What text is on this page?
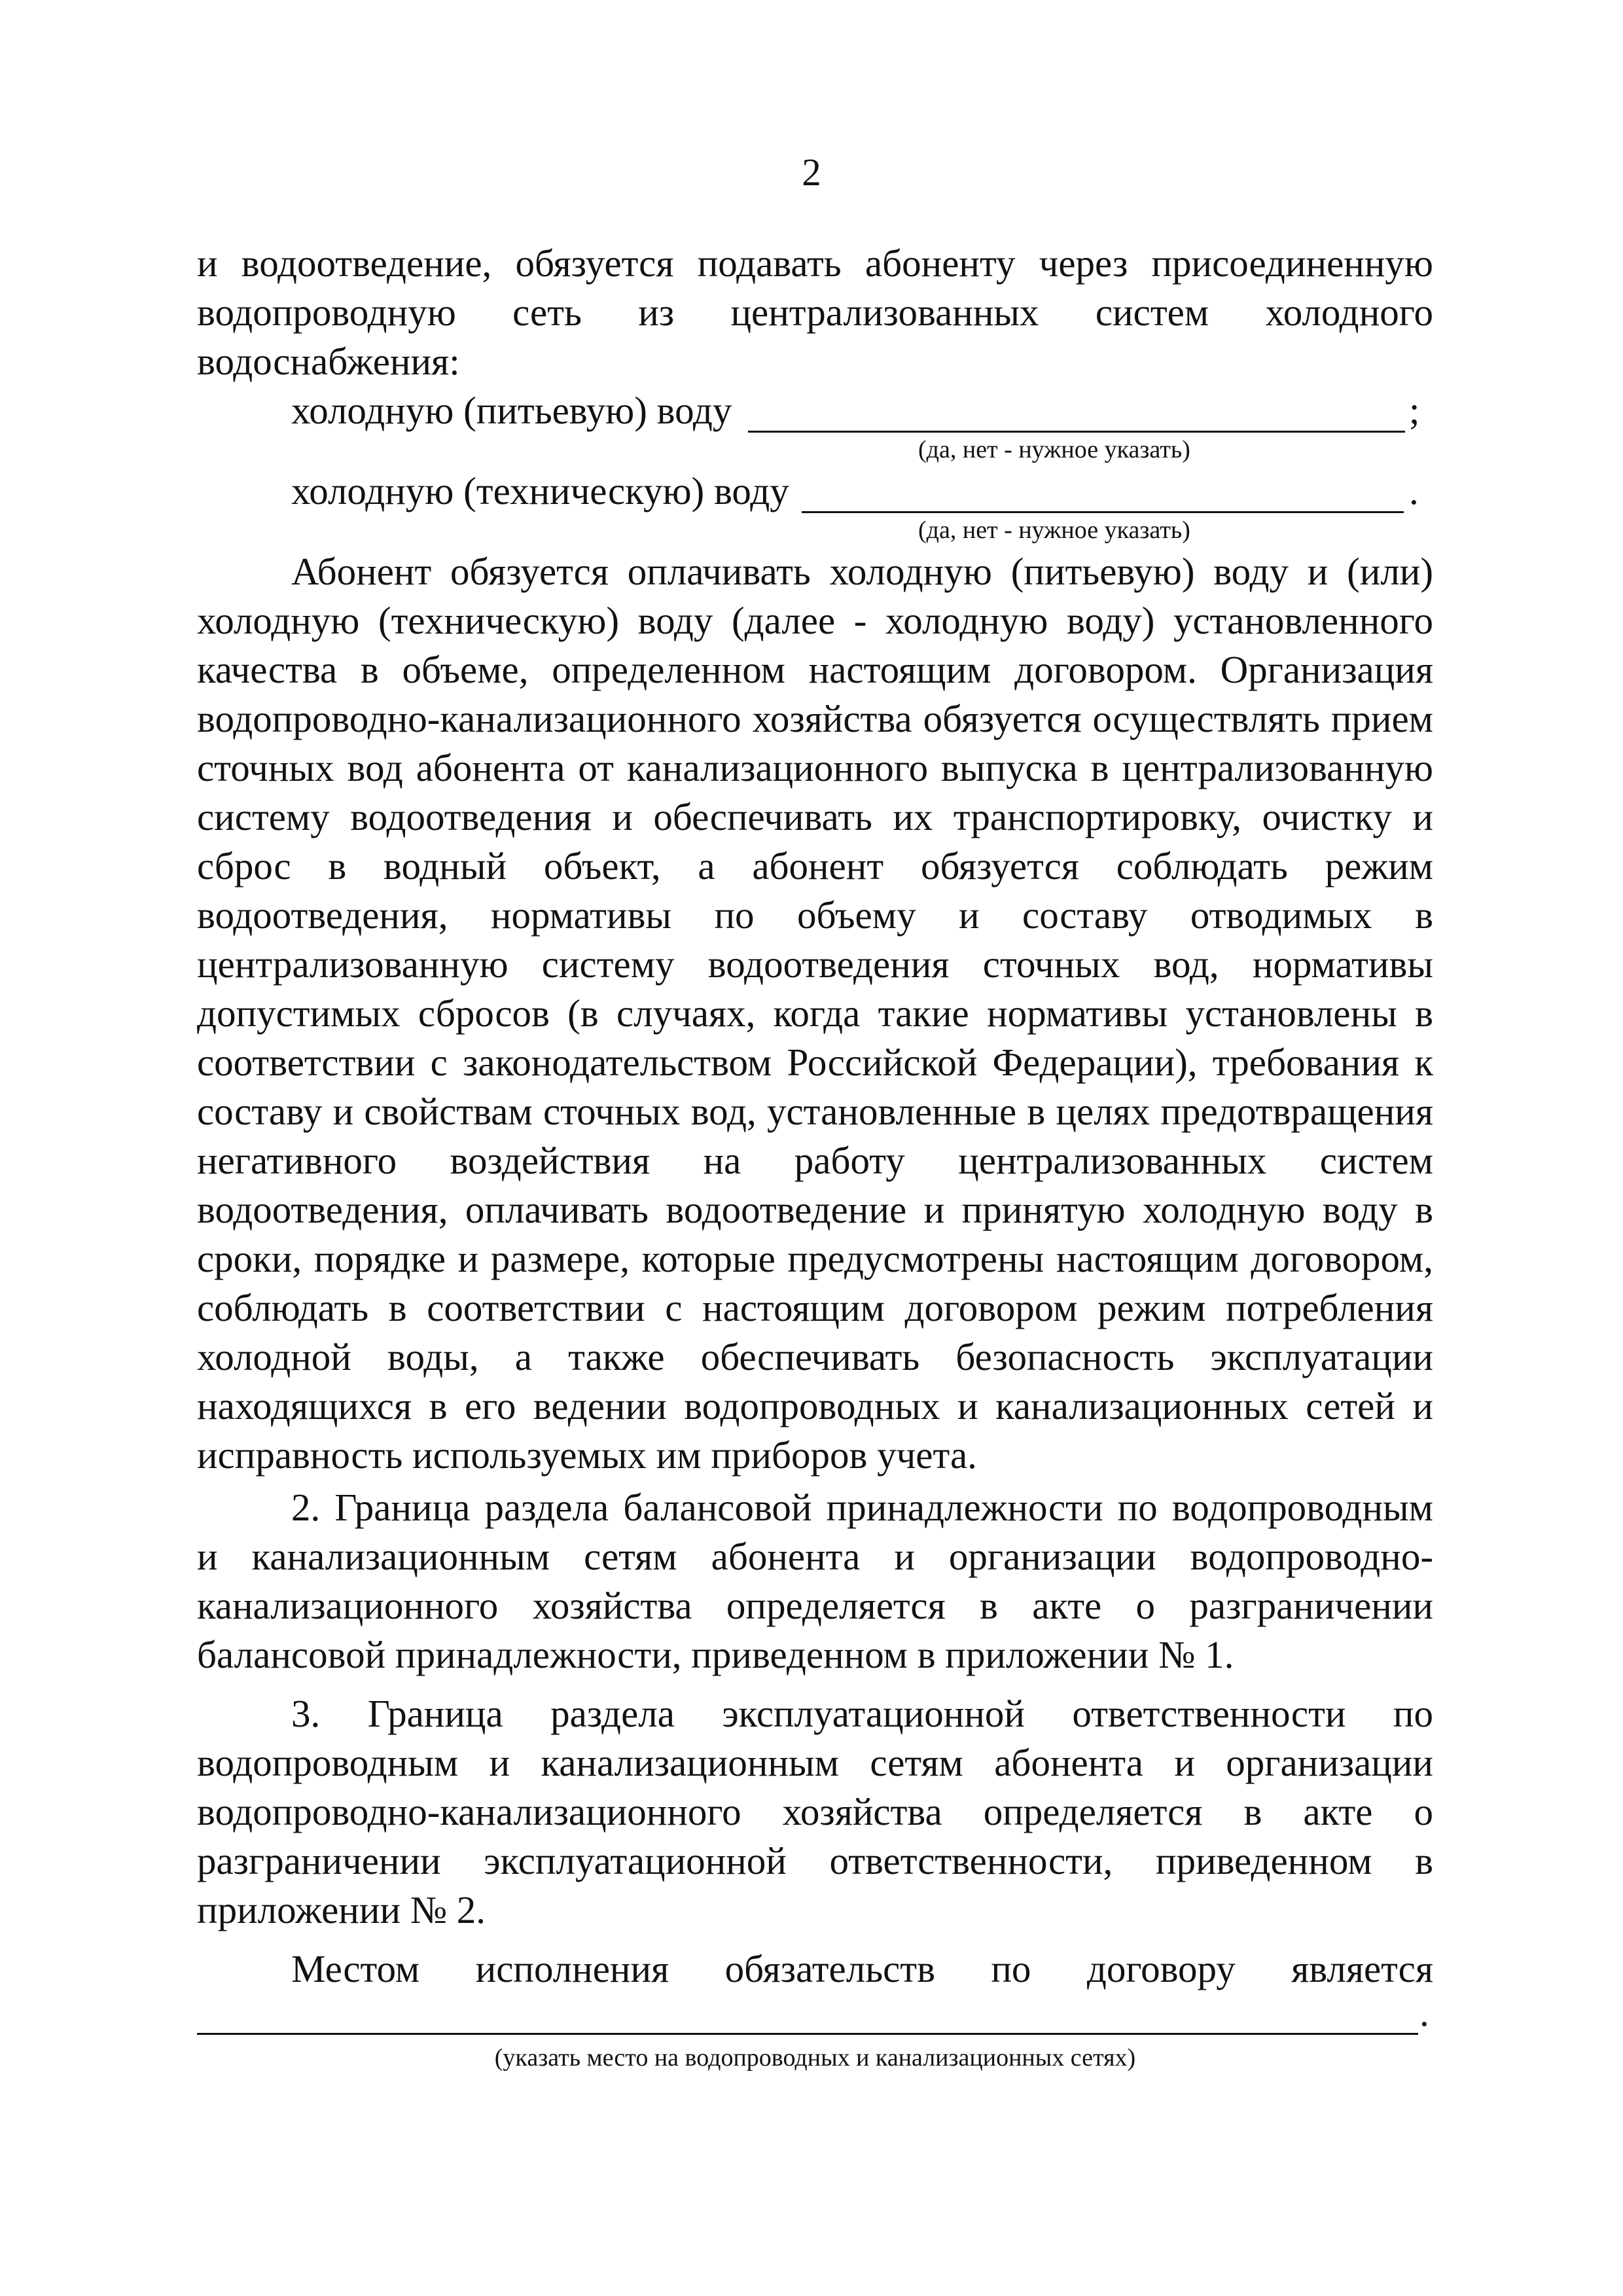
2

и водоотведение, обязуется подавать абоненту через присоединенную водопроводную сеть из централизованных систем холодного водоснабжения:

холодную (питьевую) воду	;
(да, нет - нужное указать)
холодную (техническую) воду	.
(да, нет - нужное указать)

Абонент обязуется оплачивать холодную (питьевую) воду и (или) холодную (техническую) воду (далее - холодную воду) установленного качества в объеме, определенном настоящим договором. Организация водопроводно-канализационного хозяйства обязуется осуществлять прием сточных вод абонента от канализационного выпуска в централизованную систему водоотведения и обеспечивать их транспортировку, очистку и сброс в водный объект, а абонент обязуется соблюдать режим водоотведения, нормативы по объему и составу отводимых в централизованную систему водоотведения сточных вод, нормативы допустимых сбросов (в случаях, когда такие нормативы установлены в соответствии с законодательством Российской Федерации), требования к составу и свойствам сточных вод, установленные в целях предотвращения негативного воздействия на работу централизованных систем водоотведения, оплачивать водоотведение и принятую холодную воду в сроки, порядке и размере, которые предусмотрены настоящим договором, соблюдать в соответствии с настоящим договором режим потребления холодной воды, а также обеспечивать безопасность эксплуатации находящихся в его ведении водопроводных и канализационных сетей и исправность используемых им приборов учета.

2. Граница раздела балансовой принадлежности по водопроводным и канализационным сетям абонента и организации водопроводно-канализационного хозяйства определяется в акте о разграничении балансовой принадлежности, приведенном в приложении № 1.

3. Граница раздела эксплуатационной ответственности по водопроводным и канализационным сетям абонента и организации водопроводно-канализационного хозяйства определяется в акте о разграничении эксплуатационной ответственности, приведенном в приложении № 2.

Местом исполнения обязательств по договору является

.
(указать место на водопроводных и канализационных сетях)
